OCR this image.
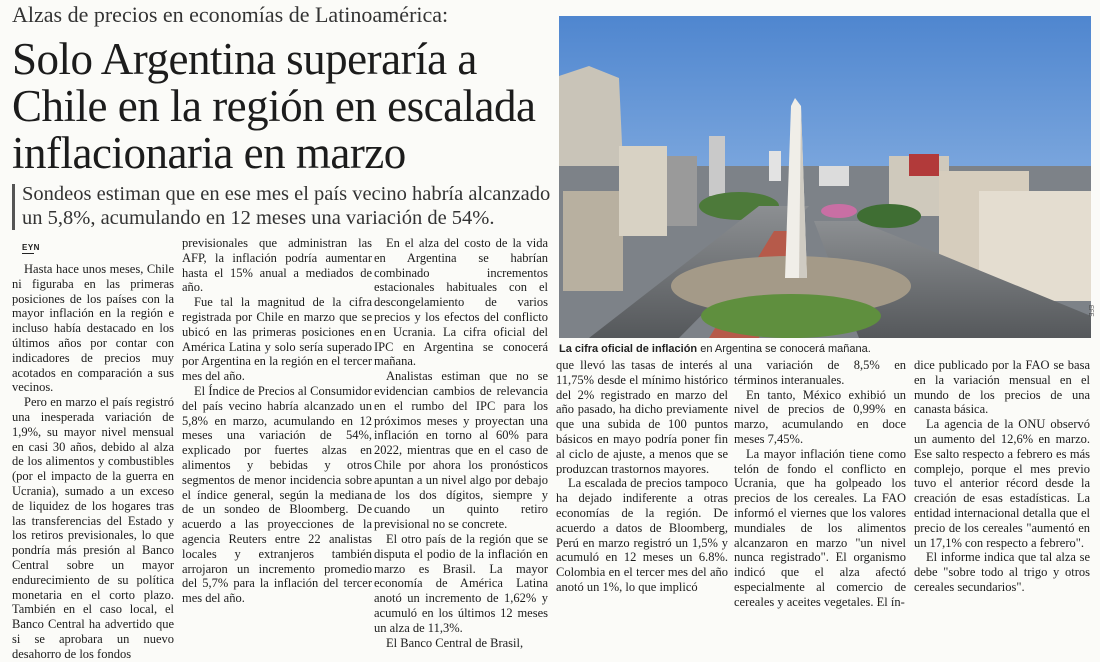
Alzas de precios en economías de Latinoamérica:
Solo Argentina superaría a Chile en la región en escalada inflacionaria en marzo
Sondeos estiman que en ese mes el país vecino habría alcanzado un 5,8%, acumulando en 12 meses una variación de 54%.
EYN

Hasta hace unos meses, Chile ni figuraba en las primeras posiciones de los países con la mayor inflación en la región e incluso había destacado en los últimos años por contar con indicadores de precios muy acotados en comparación a sus vecinos.

Pero en marzo el país registró una inesperada variación de 1,9%, su mayor nivel mensual en casi 30 años, debido al alza de los alimentos y combustibles (por el impacto de la guerra en Ucrania), sumado a un exceso de liquidez de los hogares tras las transferencias del Estado y los retiros previsionales, lo que pondría más presión al Banco Central sobre un mayor endurecimiento de su política monetaria en el corto plazo. También en el caso local, el Banco Central ha advertido que si se aprobara un nuevo desahorro de los fondos

previsionales que administran las AFP, la inflación podría aumentar hasta el 15% anual a mediados de año.

Fue tal la magnitud de la cifra registrada por Chile en marzo que se ubicó en las primeras posiciones en América Latina y solo sería superado por Argentina en la región en el tercer mes del año.

El Índice de Precios al Consumidor del país vecino habría alcanzado un 5,8% en marzo, acumulando en 12 meses una variación de 54%, explicado por fuertes alzas en alimentos y bebidas y otros segmentos de menor incidencia sobre el índice general, según la mediana de un sondeo de Bloomberg. De acuerdo a las proyecciones de la agencia Reuters entre 22 analistas locales y extranjeros también arrojaron un incremento promedio del 5,7% para la inflación del tercer mes del año.

En el alza del costo de la vida en Argentina se habrían combinado incrementos estacionales habituales con el descongelamiento de varios precios y los efectos del conflicto en Ucrania. La cifra oficial del IPC en Argentina se conocerá mañana.

Analistas estiman que no se evidencian cambios de relevancia en el rumbo del IPC para los próximos meses y proyectan una inflación en torno al 60% para 2022, mientras que en el caso de Chile por ahora los pronósticos apuntan a un nivel algo por debajo de los dos dígitos, siempre y cuando un quinto retiro previsional no se concrete.

El otro país de la región que se disputa el podio de la inflación en marzo es Brasil. La mayor economía de América Latina anotó un incremento de 1,62% y acumuló en los últimos 12 meses un alza de 11,3%.

El Banco Central de Brasil,

EFE
La cifra oficial de inflación en Argentina se conocerá mañana.

que llevó las tasas de interés al 11,75% desde el mínimo histórico del 2% registrado en marzo del año pasado, ha dicho previamente que una subida de 100 puntos básicos en mayo podría poner fin al ciclo de ajuste, a menos que se produzcan trastornos mayores.

La escalada de precios tampoco ha dejado indiferente a otras economías de la región. De acuerdo a datos de Bloomberg, Perú en marzo registró un 1,5% y acumuló en 12 meses un 6.8%. Colombia en el tercer mes del año anotó un 1%, lo que implicó

una variación de 8,5% en términos interanuales.

En tanto, México exhibió un nivel de precios de 0,99% en marzo, acumulando en doce meses 7,45%.

La mayor inflación tiene como telón de fondo el conflicto en Ucrania, que ha golpeado los precios de los cereales. La FAO informó el viernes que los valores mundiales de los alimentos alcanzaron en marzo "un nivel nunca registrado". El organismo indicó que el alza afectó especialmente al comercio de cereales y aceites vegetales. El ín-

dice publicado por la FAO se basa en la variación mensual en el mundo de los precios de una canasta básica.

La agencia de la ONU observó un aumento del 12,6% en marzo. Ese salto respecto a febrero es más complejo, porque el mes previo tuvo el anterior récord desde la creación de esas estadísticas. La entidad internacional detalla que el precio de los cereales "aumentó en un 17,1% con respecto a febrero".

El informe indica que tal alza se debe "sobre todo al trigo y otros cereales secundarios".
